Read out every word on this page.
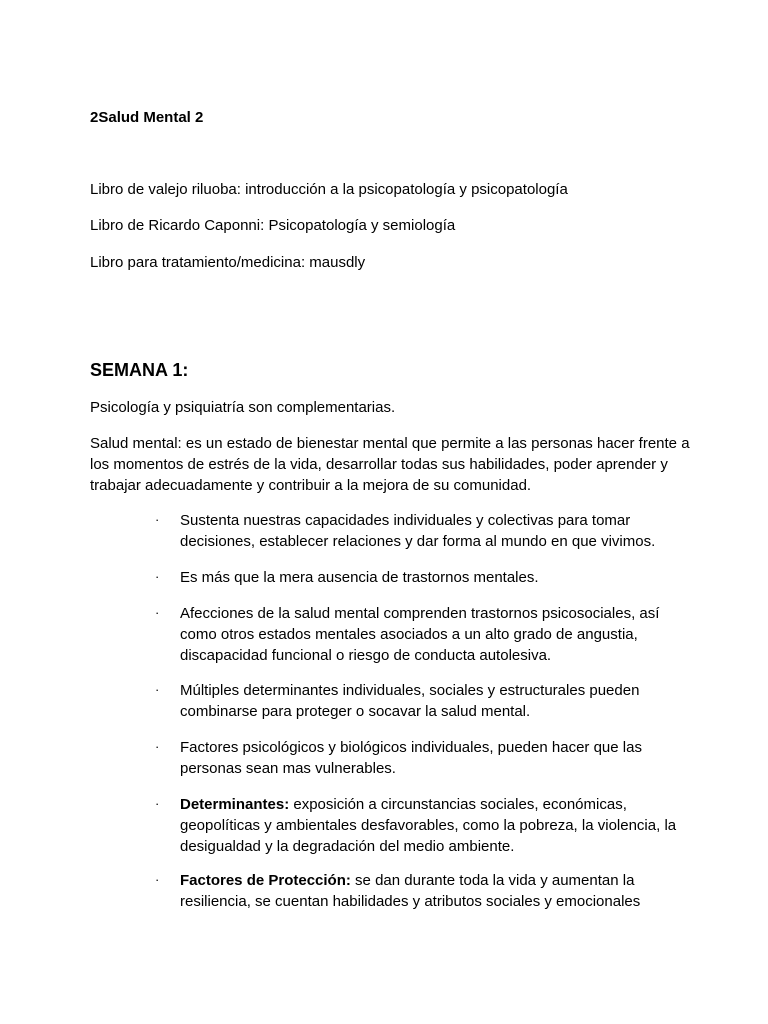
2Salud Mental 2
Libro de valejo riluoba: introducción a la psicopatología y psicopatología
Libro de Ricardo Caponni: Psicopatología y semiología
Libro para tratamiento/medicina: mausdly
SEMANA 1:
Psicología y psiquiatría son complementarias.
Salud mental: es un estado de bienestar mental que permite a las personas hacer frente a los momentos de estrés de la vida, desarrollar todas sus habilidades, poder aprender y trabajar adecuadamente y contribuir a la mejora de su comunidad.
·	Sustenta nuestras capacidades individuales y colectivas para tomar decisiones, establecer relaciones y dar forma al mundo en que vivimos.
·	Es más que la mera ausencia de trastornos mentales.
·	Afecciones de la salud mental comprenden trastornos psicosociales, así como otros estados mentales asociados a un alto grado de angustia, discapacidad funcional o riesgo de conducta autolesiva.
·	Múltiples determinantes individuales, sociales y estructurales pueden combinarse para proteger o socavar la salud mental.
·	Factores psicológicos y biológicos individuales, pueden hacer que las personas sean mas vulnerables.
·	Determinantes: exposición a circunstancias sociales, económicas, geopolíticas y ambientales desfavorables, como la pobreza, la violencia, la desigualdad y la degradación del medio ambiente.
·	Factores de Protección: se dan durante toda la vida y aumentan la resiliencia, se cuentan habilidades y atributos sociales y emocionales
